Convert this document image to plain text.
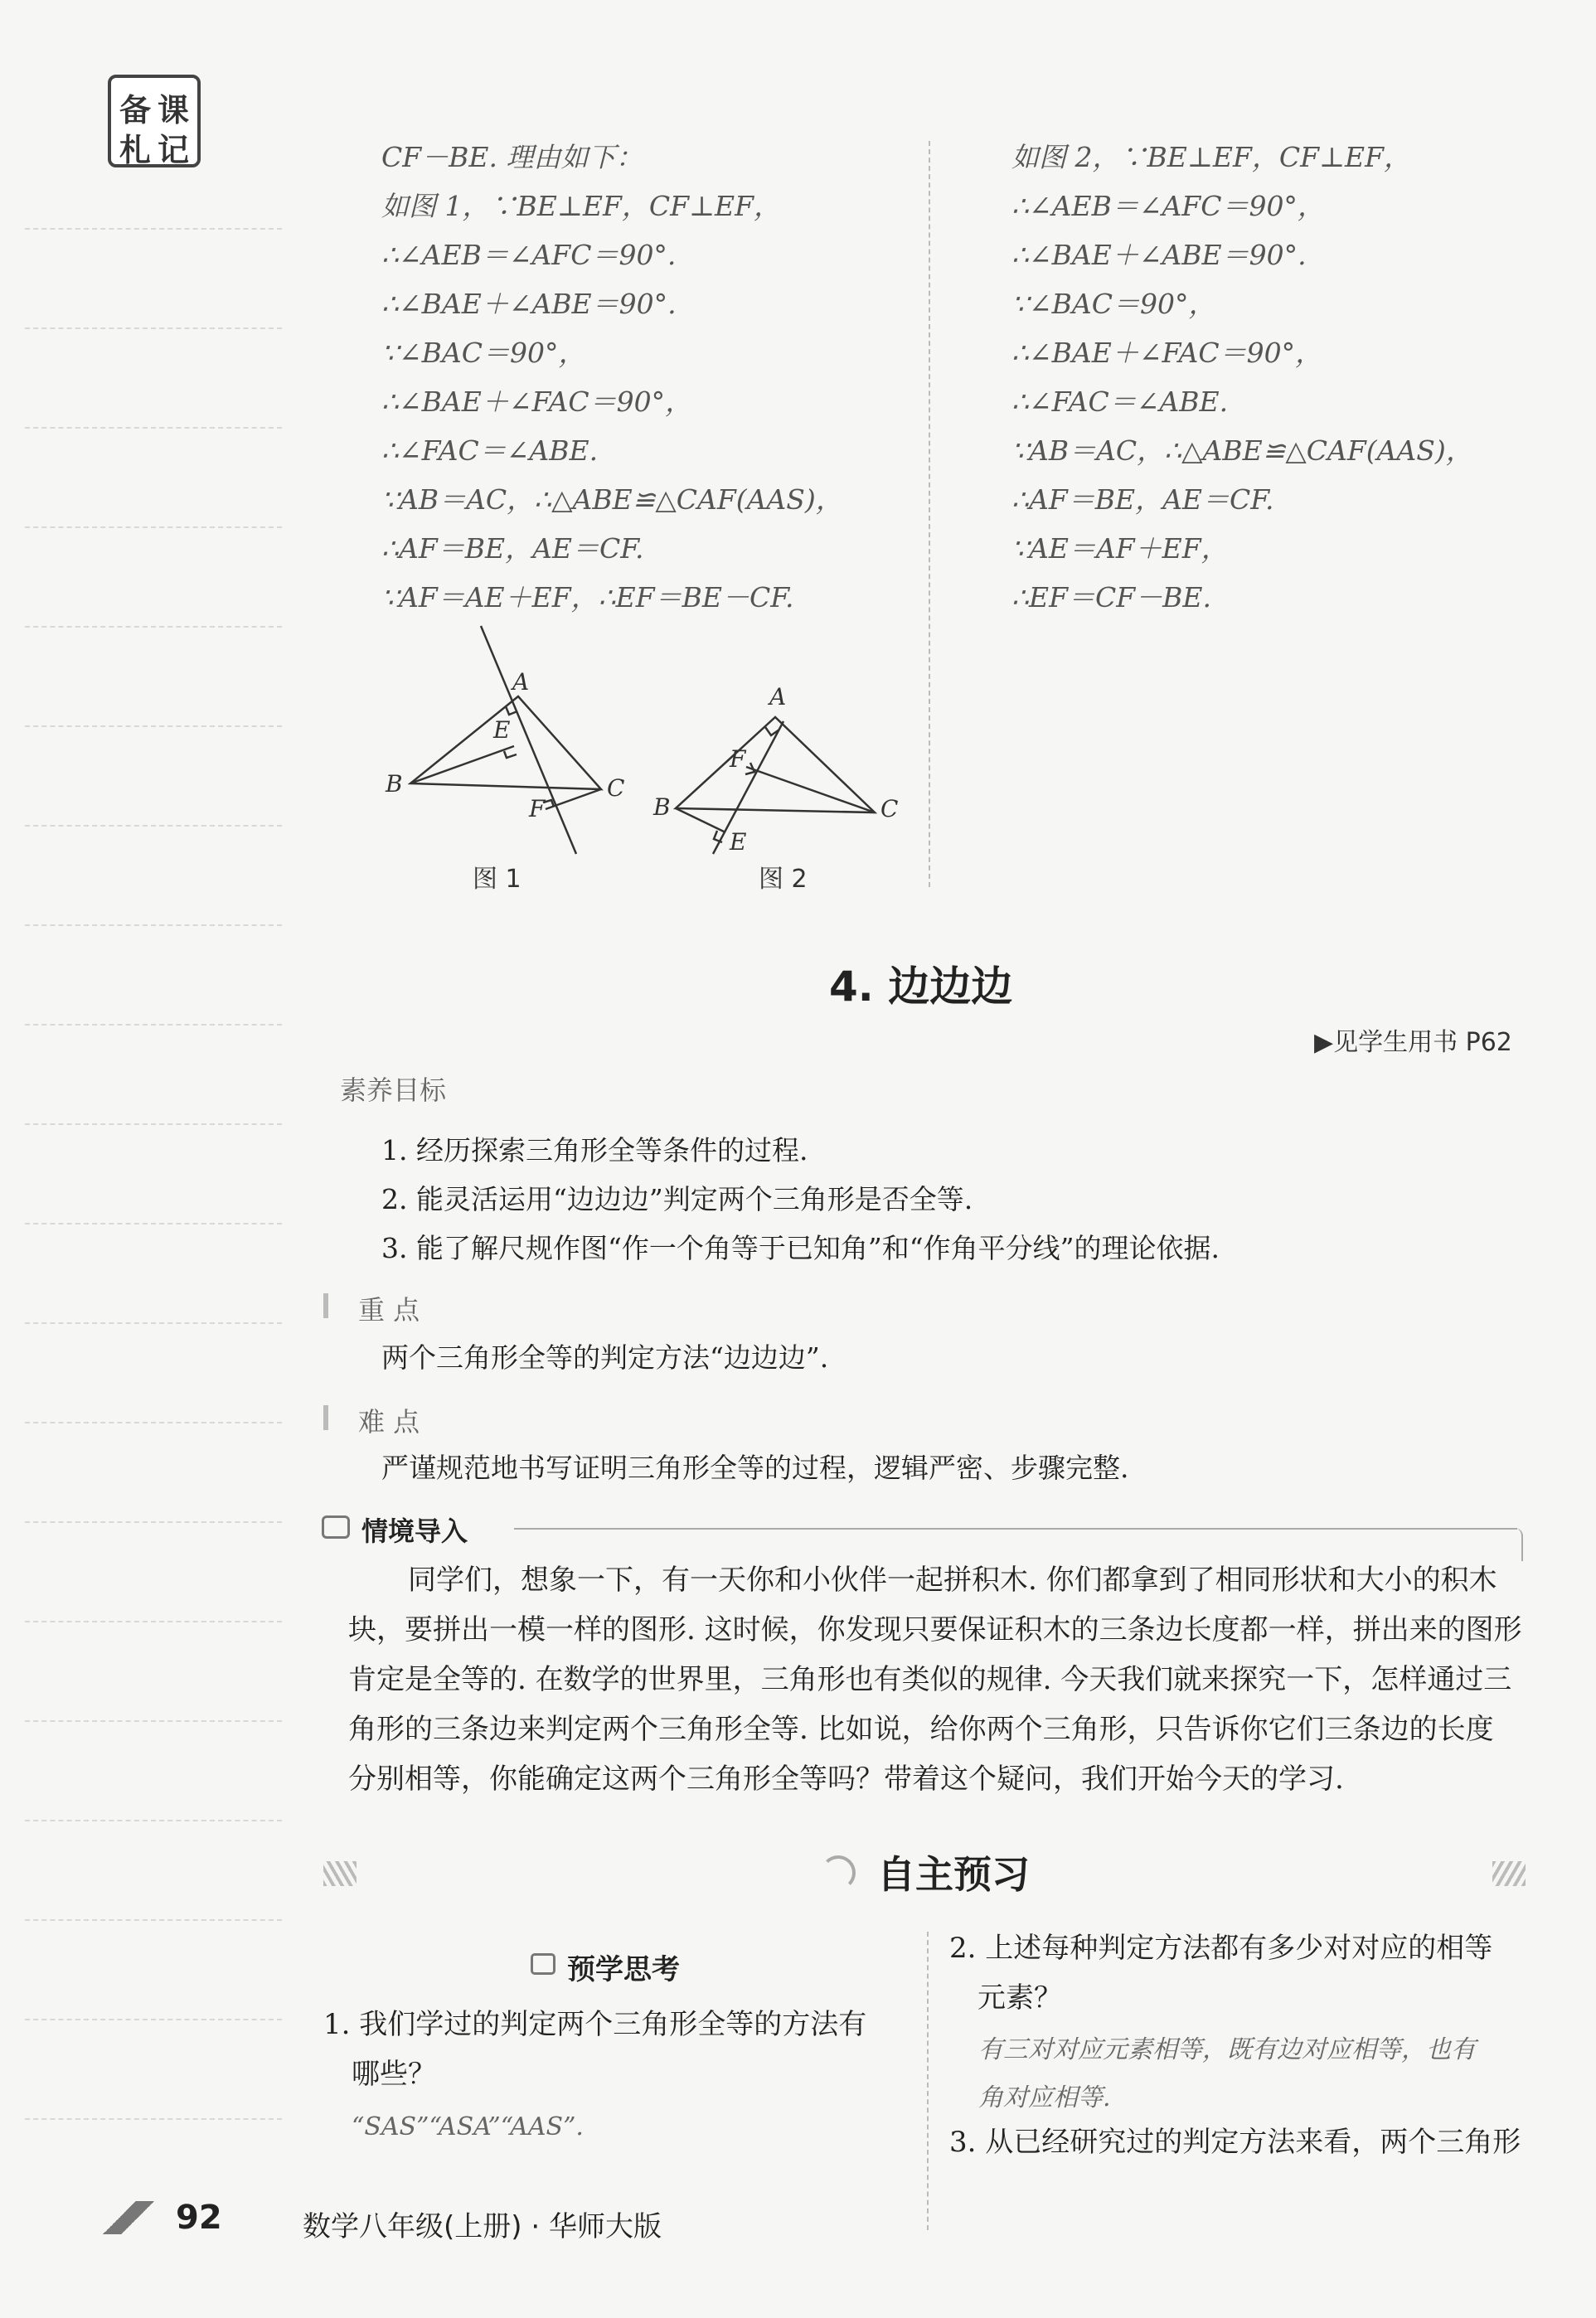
备 课
札 记	CF－BE. 理由如下：
如图 1，∵BE⊥EF，CF⊥EF，
∴∠AEB＝∠AFC＝90°.
∴∠BAE＋∠ABE＝90°.
∵∠BAC＝90°，
∴∠BAE＋∠FAC＝90°，
∴∠FAC＝∠ABE.
∵AB＝AC，∴△ABE≌△CAF(AAS)，
∴AF＝BE，AE＝CF.
∵AF＝AE＋EF，∴EF＝BE－CF.
如图 2，∵BE⊥EF，CF⊥EF，
∴∠AEB＝∠AFC＝90°，
∴∠BAE＋∠ABE＝90°.
∵∠BAC＝90°，
∴∠BAE＋∠FAC＝90°，
∴∠FAC＝∠ABE.
∵AB＝AC，∴△ABE≌△CAF(AAS)，
∴AF＝BE，AE＝CF.
∵AE＝AF＋EF，
∴EF＝CF－BE.
A
E
B	C
F
A
F
B	C
E
图 1	图 2
4. 边边边
▶见学生用书 P62
素养目标
1. 经历探索三角形全等条件的过程.
2. 能灵活运用“边边边”判定两个三角形是否全等.
3. 能了解尺规作图“作一个角等于已知角”和“作角平分线”的理论依据.
重 点
两个三角形全等的判定方法“边边边”.
难 点
严谨规范地书写证明三角形全等的过程，逻辑严密、步骤完整.
情境导入
同学们，想象一下，有一天你和小伙伴一起拼积木. 你们都拿到了相同形状和大小的积木
块，要拼出一模一样的图形. 这时候，你发现只要保证积木的三条边长度都一样，拼出来的图形
肯定是全等的. 在数学的世界里，三角形也有类似的规律. 今天我们就来探究一下，怎样通过三
角形的三条边来判定两个三角形全等. 比如说，给你两个三角形，只告诉你它们三条边的长度
分别相等，你能确定这两个三角形全等吗？带着这个疑问，我们开始今天的学习.
自主预习
预学思考
1. 我们学过的判定两个三角形全等的方法有
哪些？
“SAS”“ASA”“AAS”.
2. 上述每种判定方法都有多少对对应的相等
元素？
有三对对应元素相等，既有边对应相等，也有
角对应相等.
3. 从已经研究过的判定方法来看，两个三角形
92	数学八年级(上册) · 华师大版
